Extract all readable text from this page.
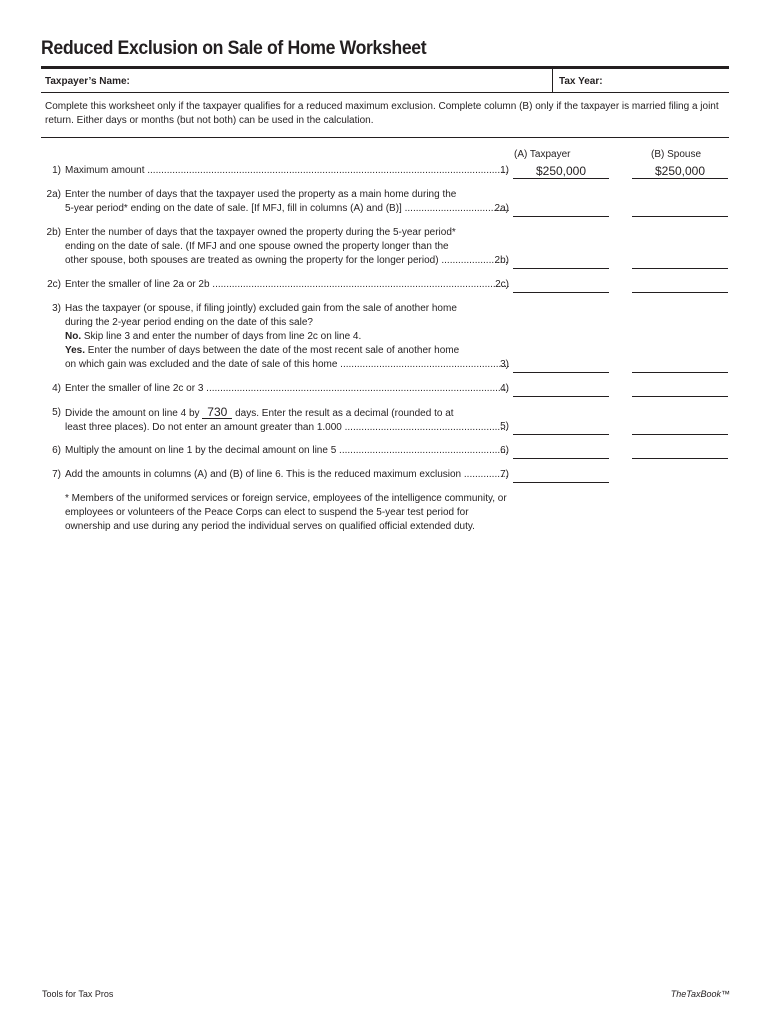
Reduced Exclusion on Sale of Home Worksheet
Taxpayer’s Name:	Tax Year:
Complete this worksheet only if the taxpayer qualifies for a reduced maximum exclusion. Complete column (B) only if the taxpayer is married filing a joint return. Either days or months (but not both) can be used in the calculation.
(A) Taxpayer	(B) Spouse
1) Maximum amount .....	1)	$250,000	$250,000
2a) Enter the number of days that the taxpayer used the property as a main home during the
5-year period* ending on the date of sale. [If MFJ, fill in columns (A) and (B)] .....	2a)
2b) Enter the number of days that the taxpayer owned the property during the 5-year period*
ending on the date of sale. (If MFJ and one spouse owned the property longer than the
other spouse, both spouses are treated as owning the property for the longer period) .....	2b)
2c) Enter the smaller of line 2a or 2b .....	2c)
3) Has the taxpayer (or spouse, if filing jointly) excluded gain from the sale of another home
during the 2-year period ending on the date of this sale?
No. Skip line 3 and enter the number of days from line 2c on line 4.
Yes. Enter the number of days between the date of the most recent sale of another home
on which gain was excluded and the date of sale of this home .....	3)
4) Enter the smaller of line 2c or 3 .....	4)
5) Divide the amount on line 4 by 730 days. Enter the result as a decimal (rounded to at
least three places). Do not enter an amount greater than 1.000 .....	5)
6) Multiply the amount on line 1 by the decimal amount on line 5 .....	6)
7) Add the amounts in columns (A) and (B) of line 6. This is the reduced maximum exclusion .....	7)
* Members of the uniformed services or foreign service, employees of the intelligence community, or employees or volunteers of the Peace Corps can elect to suspend the 5-year test period for ownership and use during any period the individual serves on qualified official extended duty.
Tools for Tax Pros	TheTaxBook™
